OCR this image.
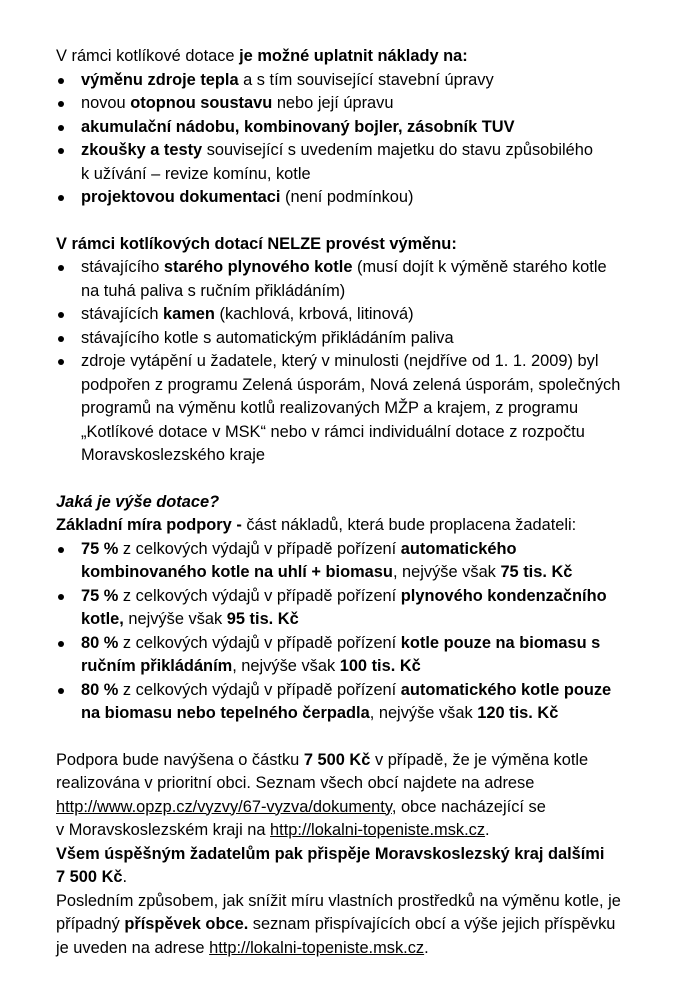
V rámci kotlíkové dotace je možné uplatnit náklady na:

výměnu zdroje tepla a s tím související stavební úpravy
novou otopnou soustavu nebo její úpravu
akumulační nádobu, kombinovaný bojler, zásobník TUV
zkoušky a testy související s uvedením majetku do stavu způsobilého
k užívání – revize komínu, kotle
projektovou dokumentaci (není podmínkou)

V rámci kotlíkových dotací NELZE provést výměnu:

stávajícího starého plynového kotle (musí dojít k výměně starého kotle
na tuhá paliva s ručním přikládáním)
stávajících kamen (kachlová, krbová, litinová)
stávajícího kotle s automatickým přikládáním paliva
zdroje vytápění u žadatele, který v minulosti (nejdříve od 1. 1. 2009) byl
podpořen z programu Zelená úsporám, Nová zelená úsporám, společných
programů na výměnu kotlů realizovaných MŽP a krajem, z programu
„Kotlíkové dotace v MSK“ nebo v rámci individuální dotace z rozpočtu
Moravskoslezského kraje

Jaká je výše dotace?

Základní míra podpory - část nákladů, která bude proplacena žadateli:

75 % z celkových výdajů v případě pořízení automatického
kombinovaného kotle na uhlí + biomasu, nejvýše však 75 tis. Kč
75 % z celkových výdajů v případě pořízení plynového kondenzačního
kotle, nejvýše však 95 tis. Kč
80 % z celkových výdajů v případě pořízení kotle pouze na biomasu s
ručním přikládáním, nejvýše však 100 tis. Kč
80 % z celkových výdajů v případě pořízení automatického kotle pouze
na biomasu nebo tepelného čerpadla, nejvýše však 120 tis. Kč

Podpora bude navýšena o částku 7 500 Kč v případě, že je výměna kotle
realizována v prioritní obci. Seznam všech obcí najdete na adrese
http://www.opzp.cz/vyzvy/67-vyzva/dokumenty, obce nacházející se
v Moravskoslezském kraji na http://lokalni-topeniste.msk.cz.

Všem úspěšným žadatelům pak přispěje Moravskoslezský kraj dalšími
7 500 Kč.

Posledním způsobem, jak snížit míru vlastních prostředků na výměnu kotle, je
případný příspěvek obce. seznam přispívajících obcí a výše jejich příspěvku
je uveden na adrese http://lokalni-topeniste.msk.cz.
